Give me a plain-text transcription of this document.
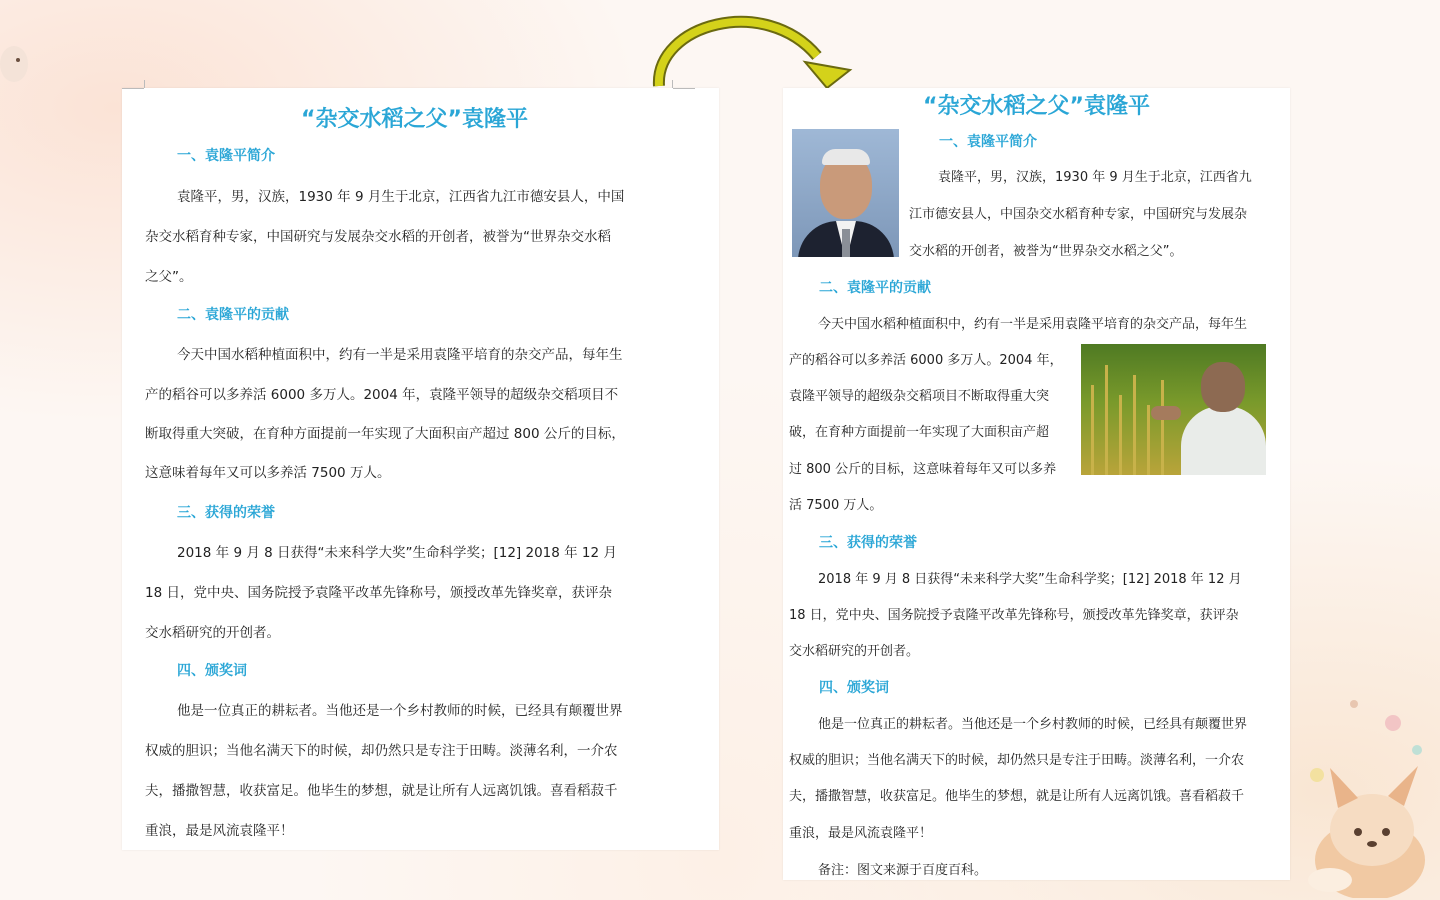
“杂交水稻之父”袁隆平
一、袁隆平简介
袁隆平，男，汉族，1930 年 9 月生于北京，江西省九江市德安县人，中国
杂交水稻育种专家，中国研究与发展杂交水稻的开创者，被誉为“世界杂交水稻
之父”。
二、袁隆平的贡献
今天中国水稻种植面积中，约有一半是采用袁隆平培育的杂交产品，每年生
产的稻谷可以多养活 6000 多万人。2004 年，袁隆平领导的超级杂交稻项目不
断取得重大突破，在育种方面提前一年实现了大面积亩产超过 800 公斤的目标，
这意味着每年又可以多养活 7500 万人。
三、获得的荣誉
2018 年 9 月 8 日获得“未来科学大奖”生命科学奖；[12] 2018 年 12 月
18 日，党中央、国务院授予袁隆平改革先锋称号，颁授改革先锋奖章，获评杂
交水稻研究的开创者。
四、颁奖词
他是一位真正的耕耘者。当他还是一个乡村教师的时候，已经具有颠覆世界
权威的胆识；当他名满天下的时候，却仍然只是专注于田畴。淡薄名利，一介农
夫，播撒智慧，收获富足。他毕生的梦想，就是让所有人远离饥饿。喜看稻菽千
重浪，最是风流袁隆平！
“杂交水稻之父”袁隆平
一、袁隆平简介
袁隆平，男，汉族，1930 年 9 月生于北京，江西省九
江市德安县人，中国杂交水稻育种专家，中国研究与发展杂
交水稻的开创者，被誉为“世界杂交水稻之父”。
二、袁隆平的贡献
今天中国水稻种植面积中，约有一半是采用袁隆平培育的杂交产品，每年生
产的稻谷可以多养活 6000 多万人。2004 年，
袁隆平领导的超级杂交稻项目不断取得重大突
破，在育种方面提前一年实现了大面积亩产超
过 800 公斤的目标，这意味着每年又可以多养
活 7500 万人。
三、获得的荣誉
2018 年 9 月 8 日获得“未来科学大奖”生命科学奖；[12] 2018 年 12 月
18 日，党中央、国务院授予袁隆平改革先锋称号，颁授改革先锋奖章，获评杂
交水稻研究的开创者。
四、颁奖词
他是一位真正的耕耘者。当他还是一个乡村教师的时候，已经具有颠覆世界
权威的胆识；当他名满天下的时候，却仍然只是专注于田畴。淡薄名利，一介农
夫，播撒智慧，收获富足。他毕生的梦想，就是让所有人远离饥饿。喜看稻菽千
重浪，最是风流袁隆平！
备注：图文来源于百度百科。
